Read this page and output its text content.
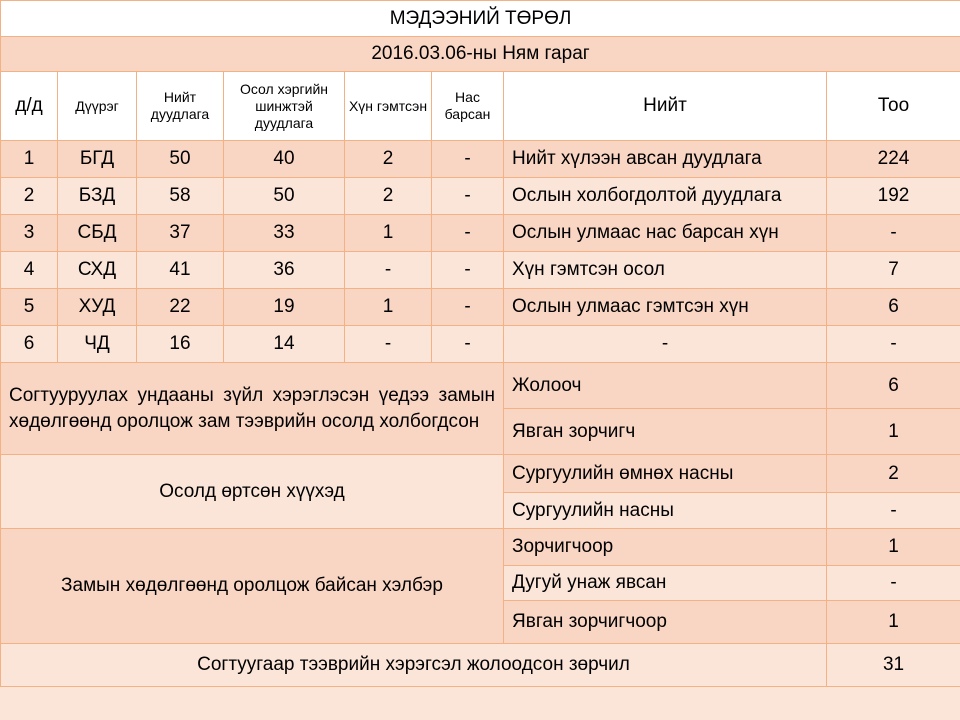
МЭДЭЭНИЙ ТӨРӨЛ							
2016.03.06-ны Ням гараг							
д/д	Дүүрэг	Нийт дуудлага	Осол хэргийн шинжтэй дуудлага	Хүн гэмтсэн	Нас барсан	Нийт	Тоо
1	БГД	50	40	2	-	Нийт хүлээн авсан дуудлага	224
2	БЗД	58	50	2	-	Ослын холбогдолтой дуудлага	192
3	СБД	37	33	1	-	Ослын улмаас нас барсан хүн	-
4	СХД	41	36	-	-	Хүн гэмтсэн осол	7
5	ХУД	22	19	1	-	Ослын улмаас гэмтсэн хүн	6
6	ЧД	16	14	-	-	-	-
Согтууруулах ундааны зүйл хэрэглэсэн үедээ замын хөдөлгөөнд оролцож зам тээврийн осолд холбогдсон						Жолооч	6
						Явган зорчигч	1
Осолд өртсөн хүүхэд						Сургуулийн өмнөх насны	2
						Сургуулийн насны	-
Замын хөдөлгөөнд оролцож байсан хэлбэр						Зорчигчоор	1
						Дугуй унаж явсан	-
						Явган зорчигчоор	1
Согтуугаар тээврийн хэрэгсэл жолоодсон зөрчил							31
